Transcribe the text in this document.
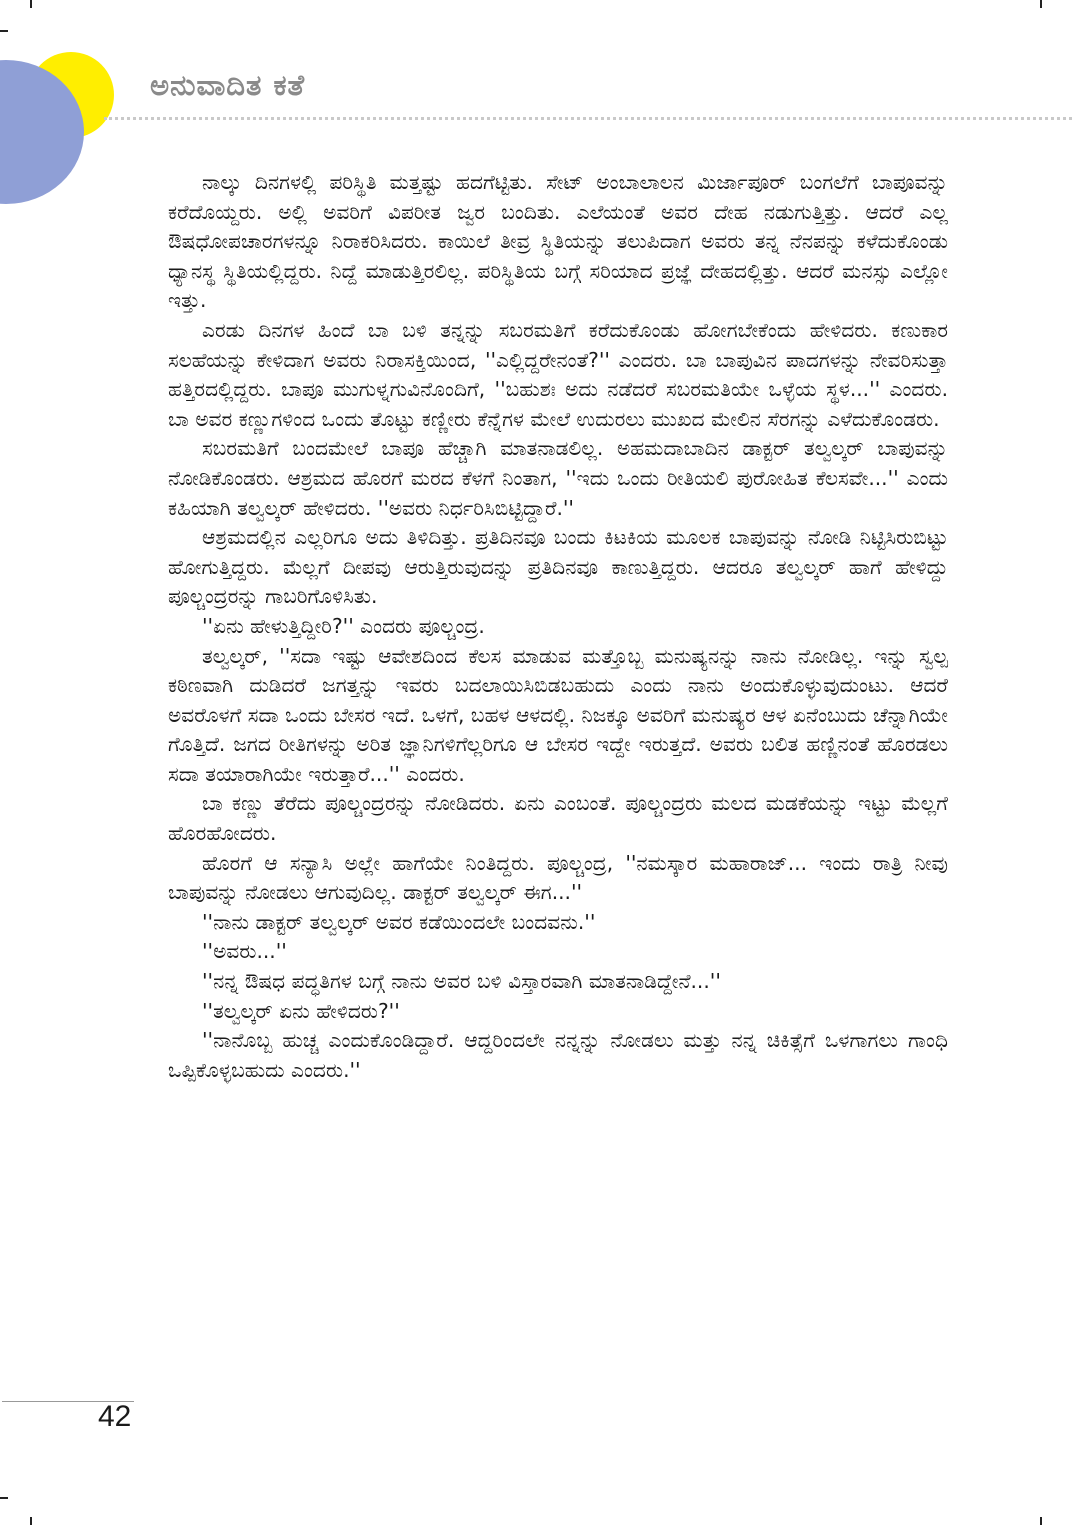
ಅನುವಾದಿತ ಕತೆ

ನಾಲ್ಕು ದಿನಗಳಲ್ಲಿ ಪರಿಸ್ಥಿತಿ ಮತ್ತಷ್ಟು ಹದಗೆಟ್ಟಿತು. ಸೇಟ್ ಅಂಬಾಲಾಲನ ಮಿರ್ಜಾಪೂರ್ ಬಂಗಲೆಗೆ ಬಾಪೂವನ್ನು ಕರೆದೊಯ್ದರು. ಅಲ್ಲಿ ಅವರಿಗೆ ವಿಪರೀತ ಜ್ವರ ಬಂದಿತು. ಎಲೆಯಂತೆ ಅವರ ದೇಹ ನಡುಗುತ್ತಿತ್ತು. ಆದರೆ ಎಲ್ಲ ಔಷಧೋಪಚಾರಗಳನ್ನೂ ನಿರಾಕರಿಸಿದರು. ಕಾಯಿಲೆ ತೀವ್ರ ಸ್ಥಿತಿಯನ್ನು ತಲುಪಿದಾಗ ಅವರು ತನ್ನ ನೆನಪನ್ನು ಕಳೆದುಕೊಂಡು ಧ್ಯಾನಸ್ಥ ಸ್ಥಿತಿಯಲ್ಲಿದ್ದರು. ನಿದ್ದೆ ಮಾಡುತ್ತಿರಲಿಲ್ಲ. ಪರಿಸ್ಥಿತಿಯ ಬಗ್ಗೆ ಸರಿಯಾದ ಪ್ರಜ್ಞೆ ದೇಹದಲ್ಲಿತ್ತು. ಆದರೆ ಮನಸ್ಸು ಎಲ್ಲೋ ಇತ್ತು.

ಎರಡು ದಿನಗಳ ಹಿಂದೆ ಬಾ ಬಳಿ ತನ್ನನ್ನು ಸಬರಮತಿಗೆ ಕರೆದುಕೊಂಡು ಹೋಗಬೇಕೆಂದು ಹೇಳಿದರು. ಕಣುಕಾರ ಸಲಹೆಯನ್ನು ಕೇಳಿದಾಗ ಅವರು ನಿರಾಸಕ್ತಿಯಿಂದ, ''ಎಲ್ಲಿದ್ದರೇನಂತೆ?'' ಎಂದರು. ಬಾ ಬಾಪುವಿನ ಪಾದಗಳನ್ನು ನೇವರಿಸುತ್ತಾ ಹತ್ತಿರದಲ್ಲಿದ್ದರು. ಬಾಪೂ ಮುಗುಳ್ನಗುವಿನೊಂದಿಗೆ, ''ಬಹುಶಃ ಅದು ನಡೆದರೆ ಸಬರಮತಿಯೇ ಒಳ್ಳೆಯ ಸ್ಥಳ...'' ಎಂದರು. ಬಾ ಅವರ ಕಣ್ಣುಗಳಿಂದ ಒಂದು ತೊಟ್ಟು ಕಣ್ಣೀರು ಕೆನ್ನೆಗಳ ಮೇಲೆ ಉದುರಲು ಮುಖದ ಮೇಲಿನ ಸೆರಗನ್ನು ಎಳೆದುಕೊಂಡರು.

ಸಬರಮತಿಗೆ ಬಂದಮೇಲೆ ಬಾಪೂ ಹೆಚ್ಚಾಗಿ ಮಾತನಾಡಲಿಲ್ಲ. ಅಹಮದಾಬಾದಿನ ಡಾಕ್ಟರ್ ತಲ್ವಲ್ಕರ್ ಬಾಪುವನ್ನು ನೋಡಿಕೊಂಡರು. ಆಶ್ರಮದ ಹೊರಗೆ ಮರದ ಕೆಳಗೆ ನಿಂತಾಗ, ''ಇದು ಒಂದು ರೀತಿಯಲಿ ಪುರೋಹಿತ ಕೆಲಸವೇ...'' ಎಂದು ಕಹಿಯಾಗಿ ತಲ್ವಲ್ಕರ್ ಹೇಳಿದರು. ''ಅವರು ನಿರ್ಧರಿಸಿಬಿಟ್ಟಿದ್ದಾರೆ.''

ಆಶ್ರಮದಲ್ಲಿನ ಎಲ್ಲರಿಗೂ ಅದು ತಿಳಿದಿತ್ತು. ಪ್ರತಿದಿನವೂ ಬಂದು ಕಿಟಕಿಯ ಮೂಲಕ ಬಾಪುವನ್ನು ನೋಡಿ ನಿಟ್ಟಿಸಿರುಬಿಟ್ಟು ಹೋಗುತ್ತಿದ್ದರು. ಮೆಲ್ಲಗೆ ದೀಪವು ಆರುತ್ತಿರುವುದನ್ನು ಪ್ರತಿದಿನವೂ ಕಾಣುತ್ತಿದ್ದರು. ಆದರೂ ತಲ್ವಲ್ಕರ್ ಹಾಗೆ ಹೇಳಿದ್ದು ಪೂಲ್ಚಂದ್ರರನ್ನು ಗಾಬರಿಗೊಳಿಸಿತು.

''ಏನು ಹೇಳುತ್ತಿದ್ದೀರಿ?'' ಎಂದರು ಪೂಲ್ಚಂದ್ರ.

ತಲ್ವಲ್ಕರ್, ''ಸದಾ ಇಷ್ಟು ಆವೇಶದಿಂದ ಕೆಲಸ ಮಾಡುವ ಮತ್ತೊಬ್ಬ ಮನುಷ್ಯನನ್ನು ನಾನು ನೋಡಿಲ್ಲ. ಇನ್ನು ಸ್ವಲ್ಪ ಕಠಿಣವಾಗಿ ದುಡಿದರೆ ಜಗತ್ತನ್ನು ಇವರು ಬದಲಾಯಿಸಿಬಿಡಬಹುದು ಎಂದು ನಾನು ಅಂದುಕೊಳ್ಳುವುದುಂಟು. ಆದರೆ ಅವರೊಳಗೆ ಸದಾ ಒಂದು ಬೇಸರ ಇದೆ. ಒಳಗೆ, ಬಹಳ ಆಳದಲ್ಲಿ. ನಿಜಕ್ಕೂ ಅವರಿಗೆ ಮನುಷ್ಯರ ಆಳ ಏನೆಂಬುದು ಚೆನ್ನಾಗಿಯೇ ಗೊತ್ತಿದೆ. ಜಗದ ರೀತಿಗಳನ್ನು ಅರಿತ ಜ್ಞಾನಿಗಳಿಗೆಲ್ಲರಿಗೂ ಆ ಬೇಸರ ಇದ್ದೇ ಇರುತ್ತದೆ. ಅವರು ಬಲಿತ ಹಣ್ಣಿನಂತೆ ಹೊರಡಲು ಸದಾ ತಯಾರಾಗಿಯೇ ಇರುತ್ತಾರೆ...'' ಎಂದರು.

ಬಾ ಕಣ್ಣು ತೆರೆದು ಪೂಲ್ಚಂದ್ರರನ್ನು ನೋಡಿದರು. ಏನು ಎಂಬಂತೆ. ಪೂಲ್ಚಂದ್ರರು ಮಲದ ಮಡಕೆಯನ್ನು ಇಟ್ಟು ಮೆಲ್ಲಗೆ ಹೊರಹೋದರು.

ಹೊರಗೆ ಆ ಸನ್ಯಾಸಿ ಅಲ್ಲೇ ಹಾಗೆಯೇ ನಿಂತಿದ್ದರು. ಪೂಲ್ಚಂದ್ರ, ''ನಮಸ್ಕಾರ ಮಹಾರಾಜ್... ಇಂದು ರಾತ್ರಿ ನೀವು ಬಾಪುವನ್ನು ನೋಡಲು ಆಗುವುದಿಲ್ಲ. ಡಾಕ್ಟರ್ ತಲ್ವಲ್ಕರ್ ಈಗ...''

''ನಾನು ಡಾಕ್ಟರ್ ತಲ್ವಲ್ಕರ್ ಅವರ ಕಡೆಯಿಂದಲೇ ಬಂದವನು.''

''ಅವರು...''

''ನನ್ನ ಔಷಧ ಪದ್ಧತಿಗಳ ಬಗ್ಗೆ ನಾನು ಅವರ ಬಳಿ ವಿಸ್ತಾರವಾಗಿ ಮಾತನಾಡಿದ್ದೇನೆ...''

''ತಲ್ವಲ್ಕರ್ ಏನು ಹೇಳಿದರು?''

''ನಾನೊಬ್ಬ ಹುಚ್ಚ ಎಂದುಕೊಂಡಿದ್ದಾರೆ. ಆದ್ದರಿಂದಲೇ ನನ್ನನ್ನು ನೋಡಲು ಮತ್ತು ನನ್ನ ಚಿಕಿತ್ಸೆಗೆ ಒಳಗಾಗಲು ಗಾಂಧಿ ಒಪ್ಪಿಕೊಳ್ಳಬಹುದು ಎಂದರು.''

42
